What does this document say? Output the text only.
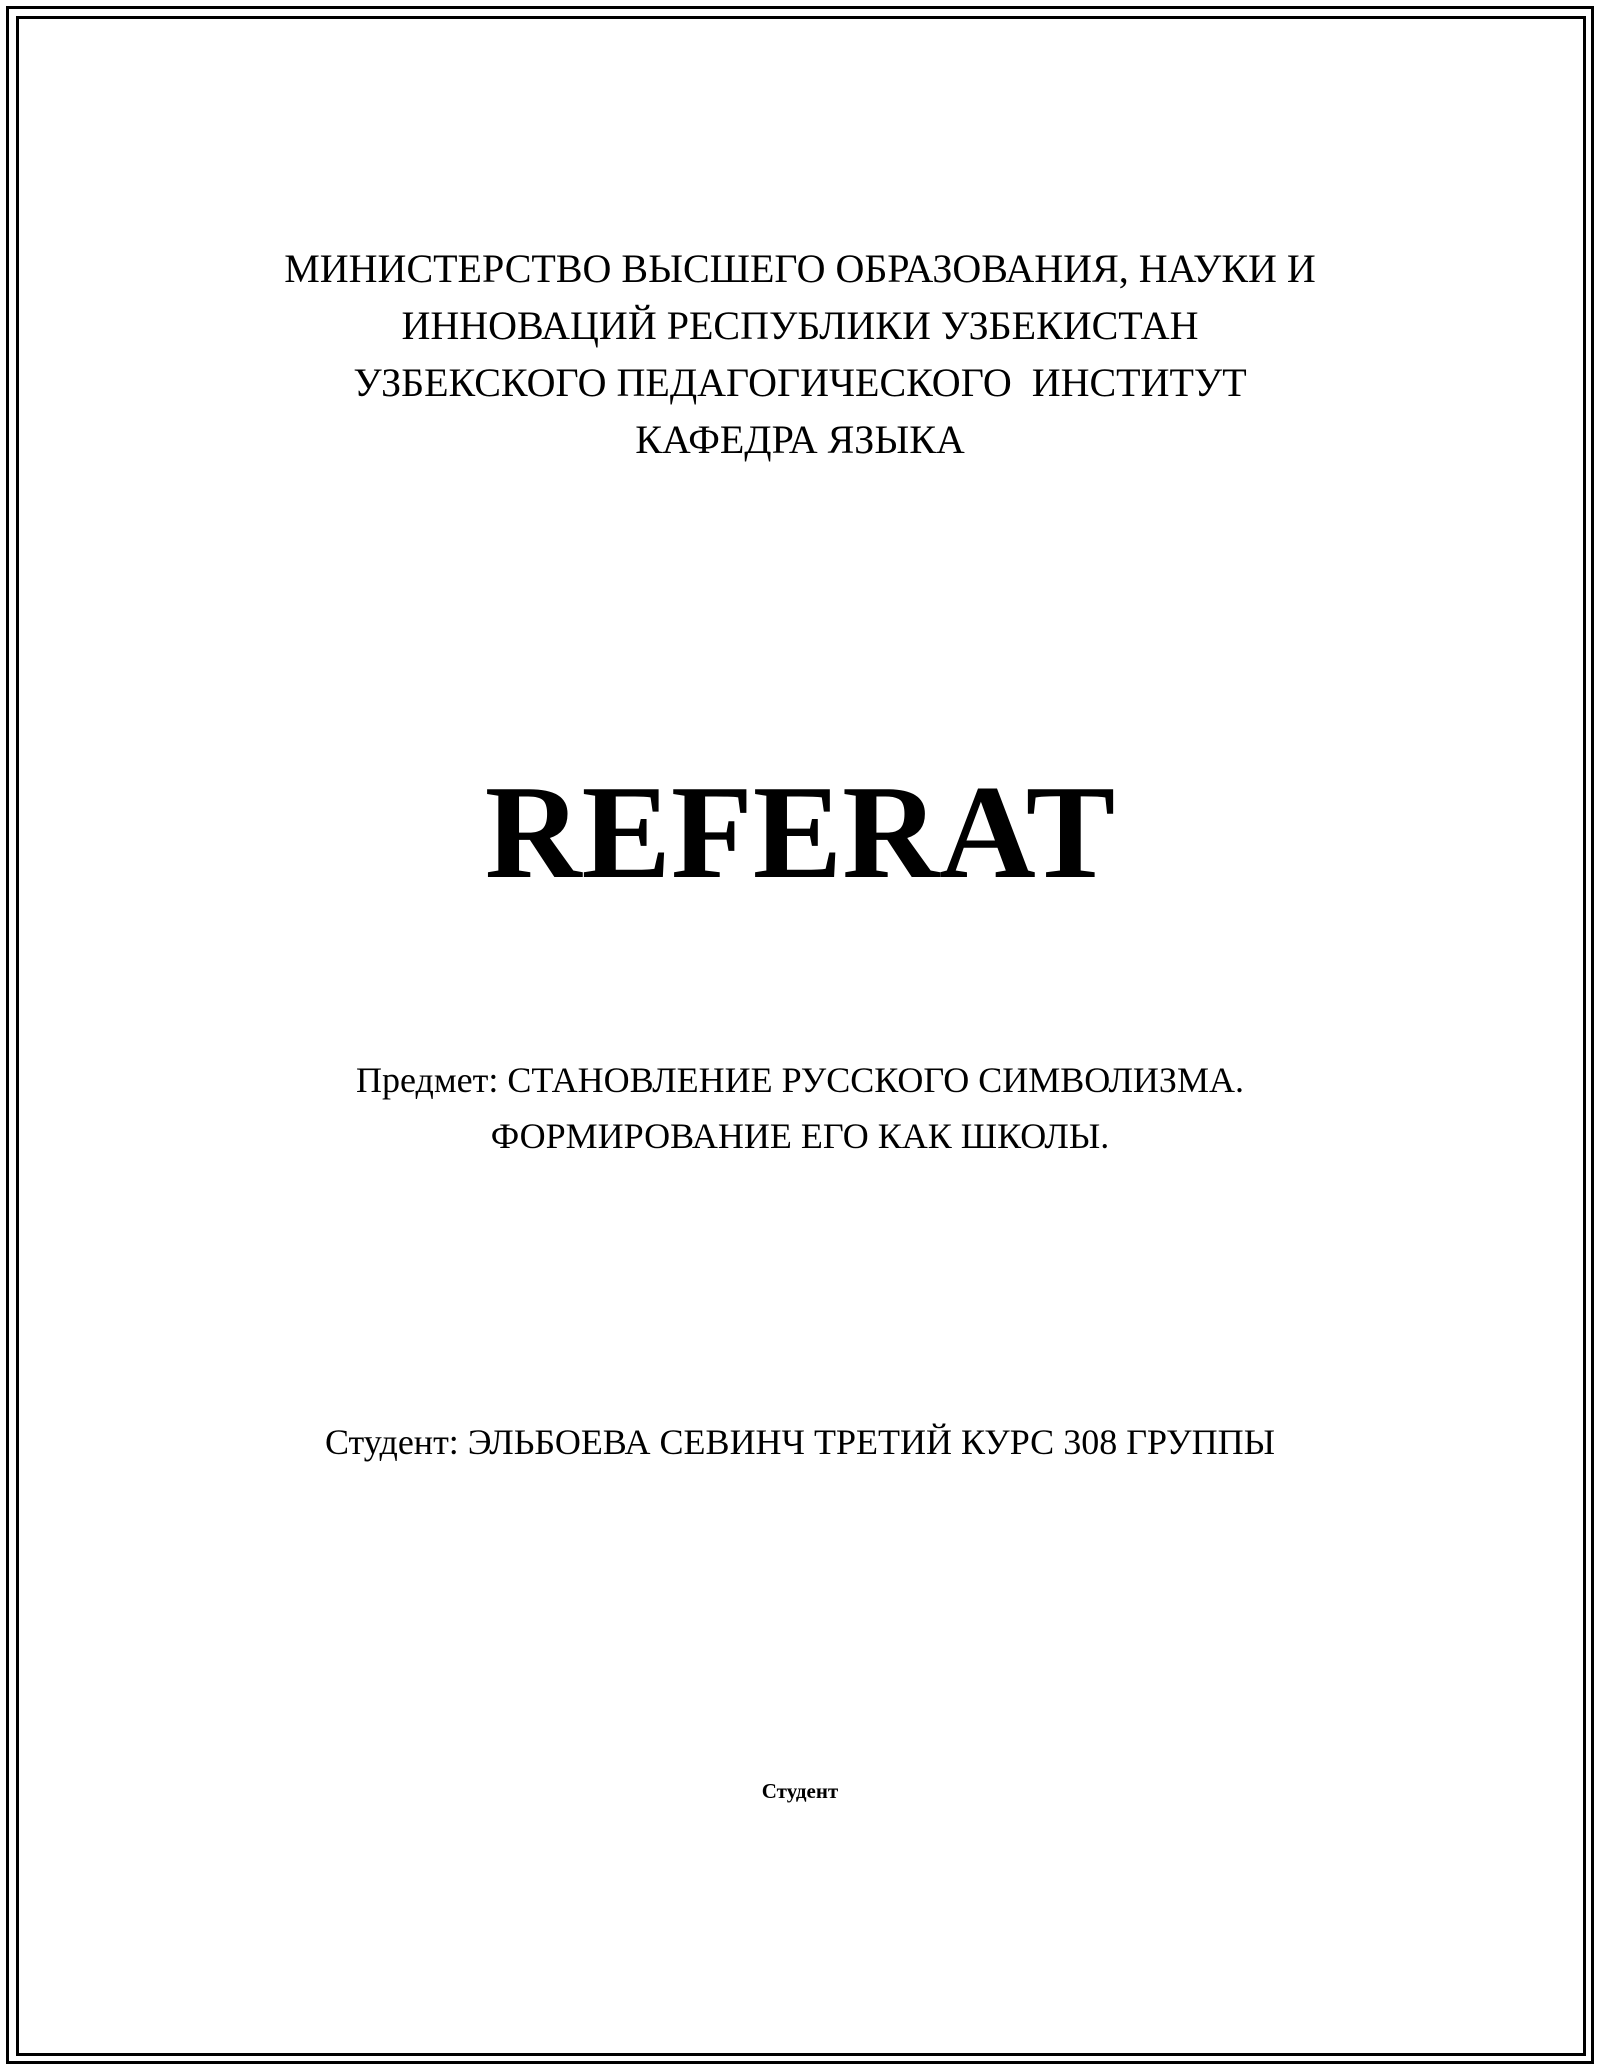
МИНИСТЕРСТВО ВЫСШЕГО ОБРАЗОВАНИЯ, НАУКИ И
ИННОВАЦИЙ РЕСПУБЛИКИ УЗБЕКИСТАН
УЗБЕКСКОГО ПЕДАГОГИЧЕСКОГО  ИНСТИТУТ
КАФЕДРА ЯЗЫКА
REFERAT
Предмет: СТАНОВЛЕНИЕ РУССКОГО СИМВОЛИЗМА.
ФОРМИРОВАНИЕ ЕГО КАК ШКОЛЫ.
Студент: ЭЛЬБОЕВА СЕВИНЧ ТРЕТИЙ КУРС 308 ГРУППЫ
Студент
